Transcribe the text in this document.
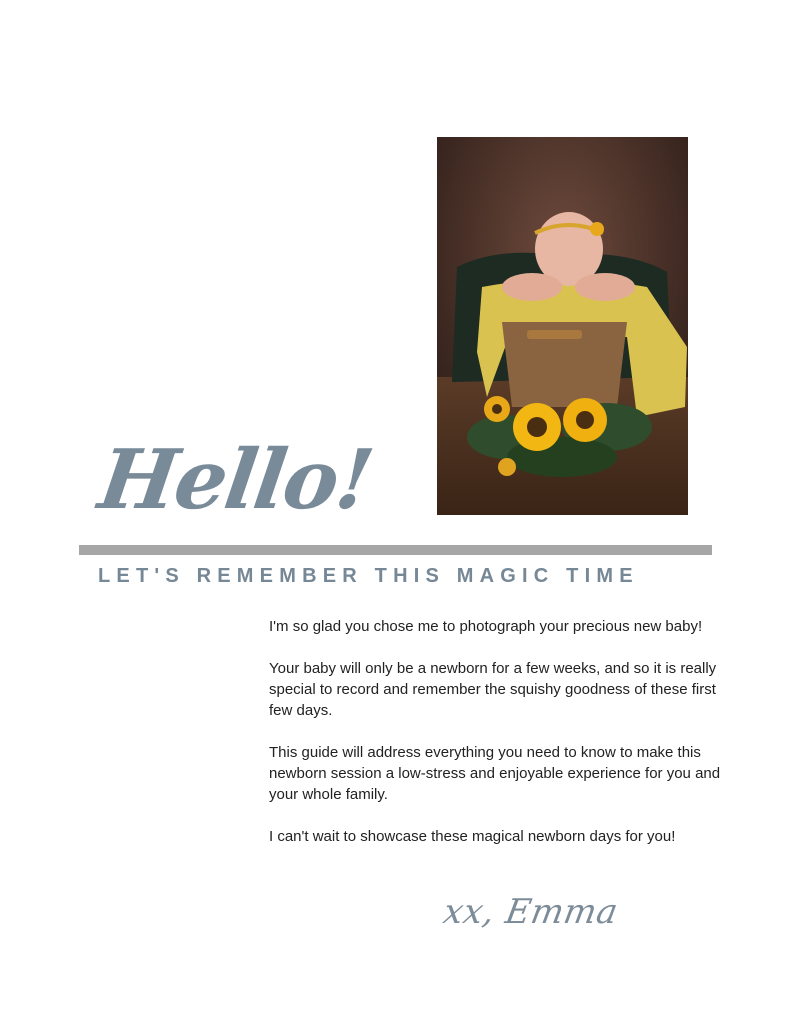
Hello!
LET'S REMEMBER THIS MAGIC TIME

I'm so glad you chose me to photograph your precious new baby!

Your baby will only be a newborn for a few weeks, and so it is really special to record and remember the squishy goodness of these first few days.

This guide will address everything you need to know to make this newborn session a low-stress and enjoyable experience for you and your whole family.

I can't wait to showcase these magical newborn days for you!

xx, Emma
